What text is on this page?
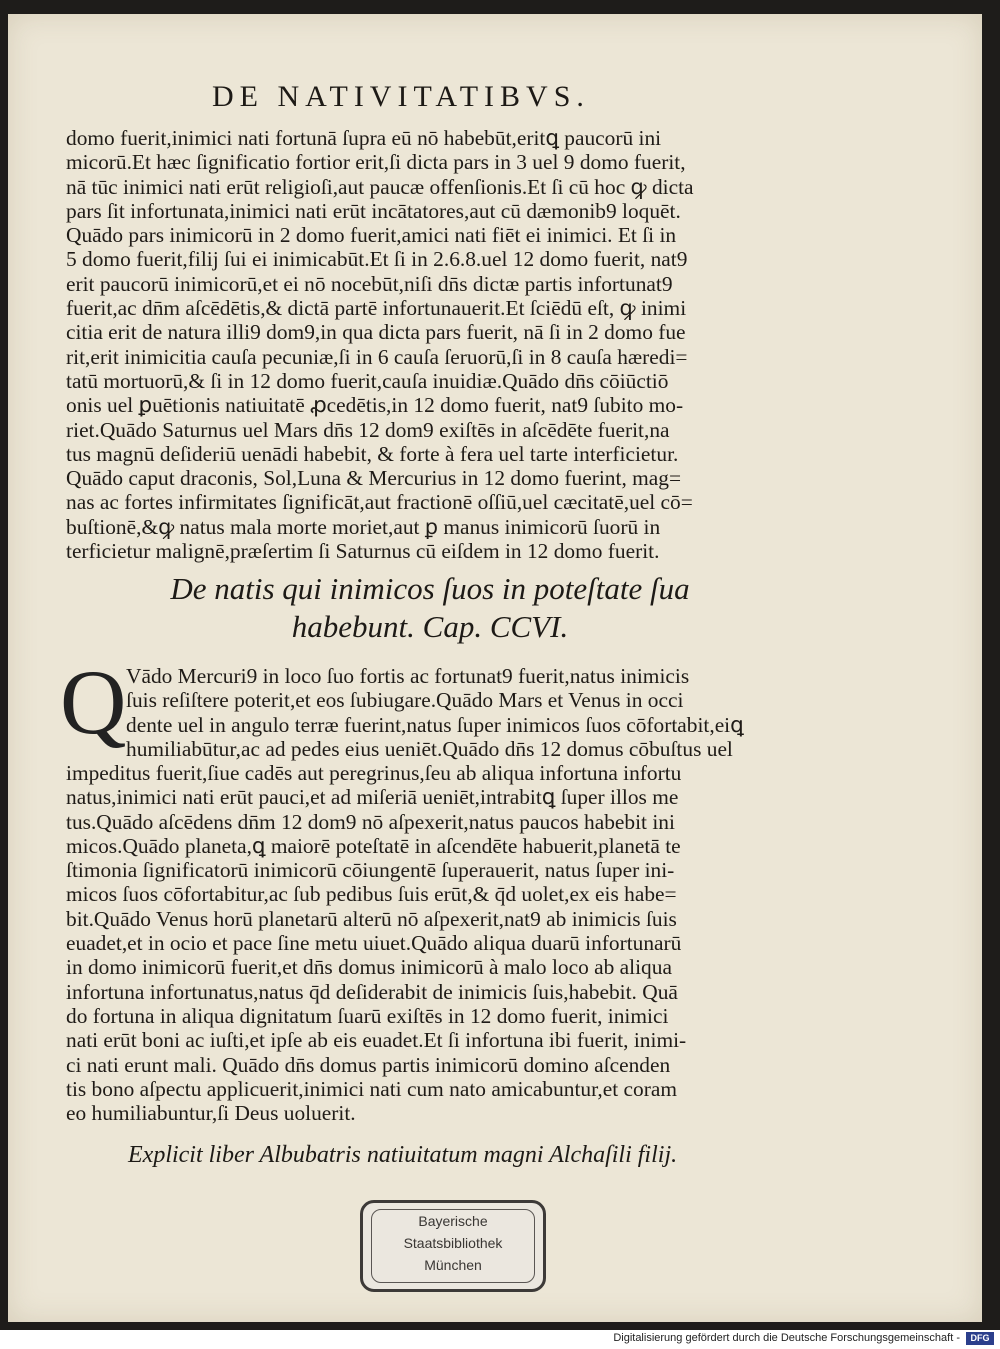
DE NATIVITATIBVS.
domo fuerit,inimici nati fortunā ſupra eū nō habebūt,eritꝗ paucorū ini
micorū.Et hæc ſignificatio fortior erit,ſi dicta pars in 3 uel 9 domo fuerit,
nā tūc inimici nati erūt religioſi,aut paucæ offenſionis.Et ſi cū hoc ꝙ dicta
pars ſit infortunata,inimici nati erūt incātatores,aut cū dæmonib9 loquēt.
Quādo pars inimicorū in 2 domo fuerit,amici nati fiēt ei inimici. Et ſi in
5 domo fuerit,filij ſui ei inimicabūt.Et ſi in 2.6.8.uel 12 domo fuerit, nat9
erit paucorū inimicorū,et ei nō nocebūt,niſi dn̄s dictæ partis infortunat9
fuerit,ac dn̄m aſcēdētis,& dictā partē infortunauerit.Et ſciēdū eſt, ꝙ inimi
citia erit de natura illi9 dom9,in qua dicta pars fuerit, nā ſi in 2 domo fue
rit,erit inimicitia cauſa pecuniæ,ſi in 6 cauſa ſeruorū,ſi in 8 cauſa hæredi=
tatū mortuorū,& ſi in 12 domo fuerit,cauſa inuidiæ.Quādo dn̄s cōiūctiō
onis uel ꝑuētionis natiuitatē ꝓcedētis,in 12 domo fuerit, nat9 ſubito mo-
riet.Quādo Saturnus uel Mars dn̄s 12 dom9 exiſtēs in aſcēdēte fuerit,na
tus magnū deſideriū uenādi habebit, & forte à fera uel tarte interficietur.
Quādo caput draconis, Sol,Luna & Mercurius in 12 domo fuerint, mag=
nas ac fortes infirmitates ſignificāt,aut fractionē oſſiū,uel cæcitatē,uel cō=
buſtionē,&ꝙ natus mala morte moriet,aut ꝑ manus inimicorū ſuorū in
terficietur malignē,præſertim ſi Saturnus cū eiſdem in 12 domo fuerit.
De natis qui inimicos ſuos in poteſtate ſua
habebunt. Cap. CCVI.
Q Vādo Mercuri9 in loco ſuo fortis ac fortunat9 fuerit,natus inimicis
ſuis reſiſtere poterit,et eos ſubiugare.Quādo Mars et Venus in occi
dente uel in angulo terræ fuerint,natus ſuper inimicos ſuos cōfortabit,eiꝗ
humiliabūtur,ac ad pedes eius ueniēt.Quādo dn̄s 12 domus cōbuſtus uel
impeditus fuerit,ſiue cadēs aut peregrinus,ſeu ab aliqua infortuna infortu
natus,inimici nati erūt pauci,et ad miſeriā ueniēt,intrabitꝗ ſuper illos me
tus.Quādo aſcēdens dn̄m 12 dom9 nō aſpexerit,natus paucos habebit ini
micos.Quādo planeta,ꝗ maiorē poteſtatē in aſcendēte habuerit,planetā te
ſtimonia ſignificatorū inimicorū cōiungentē ſuperauerit, natus ſuper ini-
micos ſuos cōfortabitur,ac ſub pedibus ſuis erūt,& q̄d uolet,ex eis habe=
bit.Quādo Venus horū planetarū alterū nō aſpexerit,nat9 ab inimicis ſuis
euadet,et in ocio et pace ſine metu uiuet.Quādo aliqua duarū infortunarū
in domo inimicorū fuerit,et dn̄s domus inimicorū à malo loco ab aliqua
infortuna infortunatus,natus q̄d deſiderabit de inimicis ſuis,habebit. Quā
do fortuna in aliqua dignitatum ſuarū exiſtēs in 12 domo fuerit, inimici
nati erūt boni ac iuſti,et ipſe ab eis euadet.Et ſi infortuna ibi fuerit, inimi-
ci nati erunt mali. Quādo dn̄s domus partis inimicorū domino aſcenden
tis bono aſpectu applicuerit,inimici nati cum nato amicabuntur,et coram
eo humiliabuntur,ſi Deus uoluerit.
Explicit liber Albubatris natiuitatum magni Alchaſili filij.
Bayerische
Staatsbibliothek
München
Digitalisierung gefördert durch die Deutsche Forschungsgemeinschaft -	DFG
